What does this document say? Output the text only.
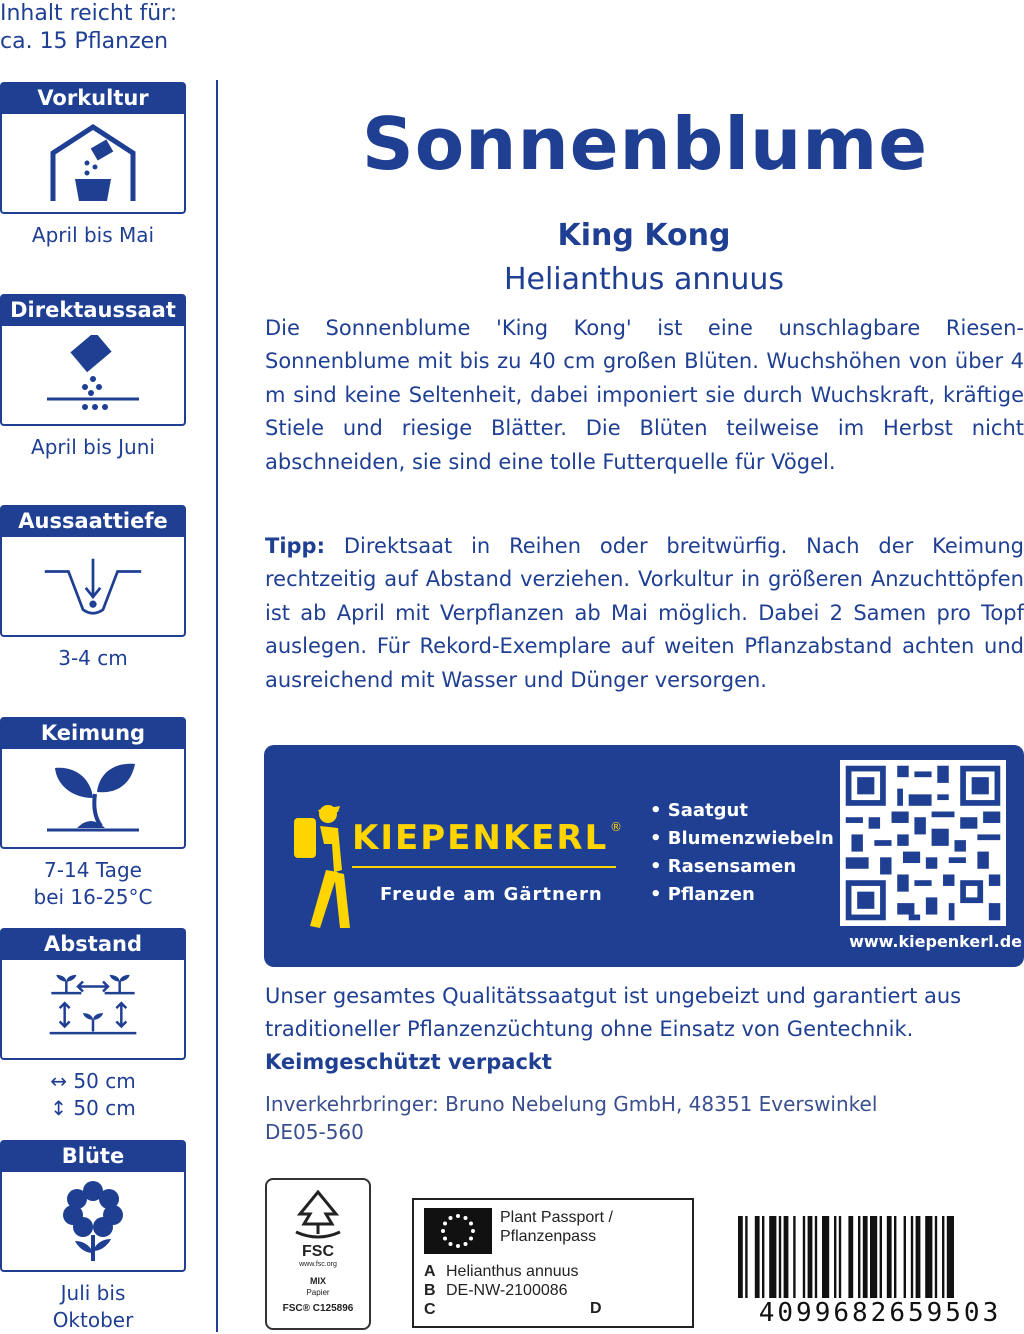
Inhalt reicht für:
ca. 15 Pflanzen
Vorkultur
April bis Mai
Direktaussaat
April bis Juni
Aussaattiefe
3-4 cm
Keimung
7-14 Tage
bei 16-25°C
Abstand
↔ 50 cm
↕ 50 cm
Blüte
Juli bis
Oktober
Sonnenblume
King Kong
Helianthus annuus
Die Sonnenblume 'King Kong' ist eine unschlagbare Riesen-Sonnenblume mit bis zu 40 cm großen Blüten. Wuchshöhen von über 4 m sind keine Seltenheit, dabei imponiert sie durch Wuchskraft, kräftige Stiele und riesige Blätter. Die Blüten teilweise im Herbst nicht abschneiden, sie sind eine tolle Futterquelle für Vögel.
Tipp: Direktsaat in Reihen oder breitwürfig. Nach der Keimung rechtzeitig auf Abstand verziehen. Vorkultur in größeren Anzuchttöpfen ist ab April mit Verpflanzen ab Mai möglich. Dabei 2 Samen pro Topf auslegen. Für Rekord-Exemplare auf weiten Pflanzabstand achten und ausreichend mit Wasser und Dünger versorgen.
KIEPENKERL ®
Freude am Gärtnern
• Saatgut
• Blumenzwiebeln
• Rasensamen
• Pflanzen
www.kiepenkerl.de
Unser gesamtes Qualitätssaatgut ist ungebeizt und garantiert aus traditioneller Pflanzenzüchtung ohne Einsatz von Gentechnik.
Keimgeschützt verpackt
Inverkehrbringer: Bruno Nebelung GmbH, 48351 Everswinkel
DE05-560
FSC
www.fsc.org
MIX
Papier
FSC® C125896
Plant Passport /
Pflanzenpass
A Helianthus annuus
B DE-NW-2100086
C	D	4099682659503
